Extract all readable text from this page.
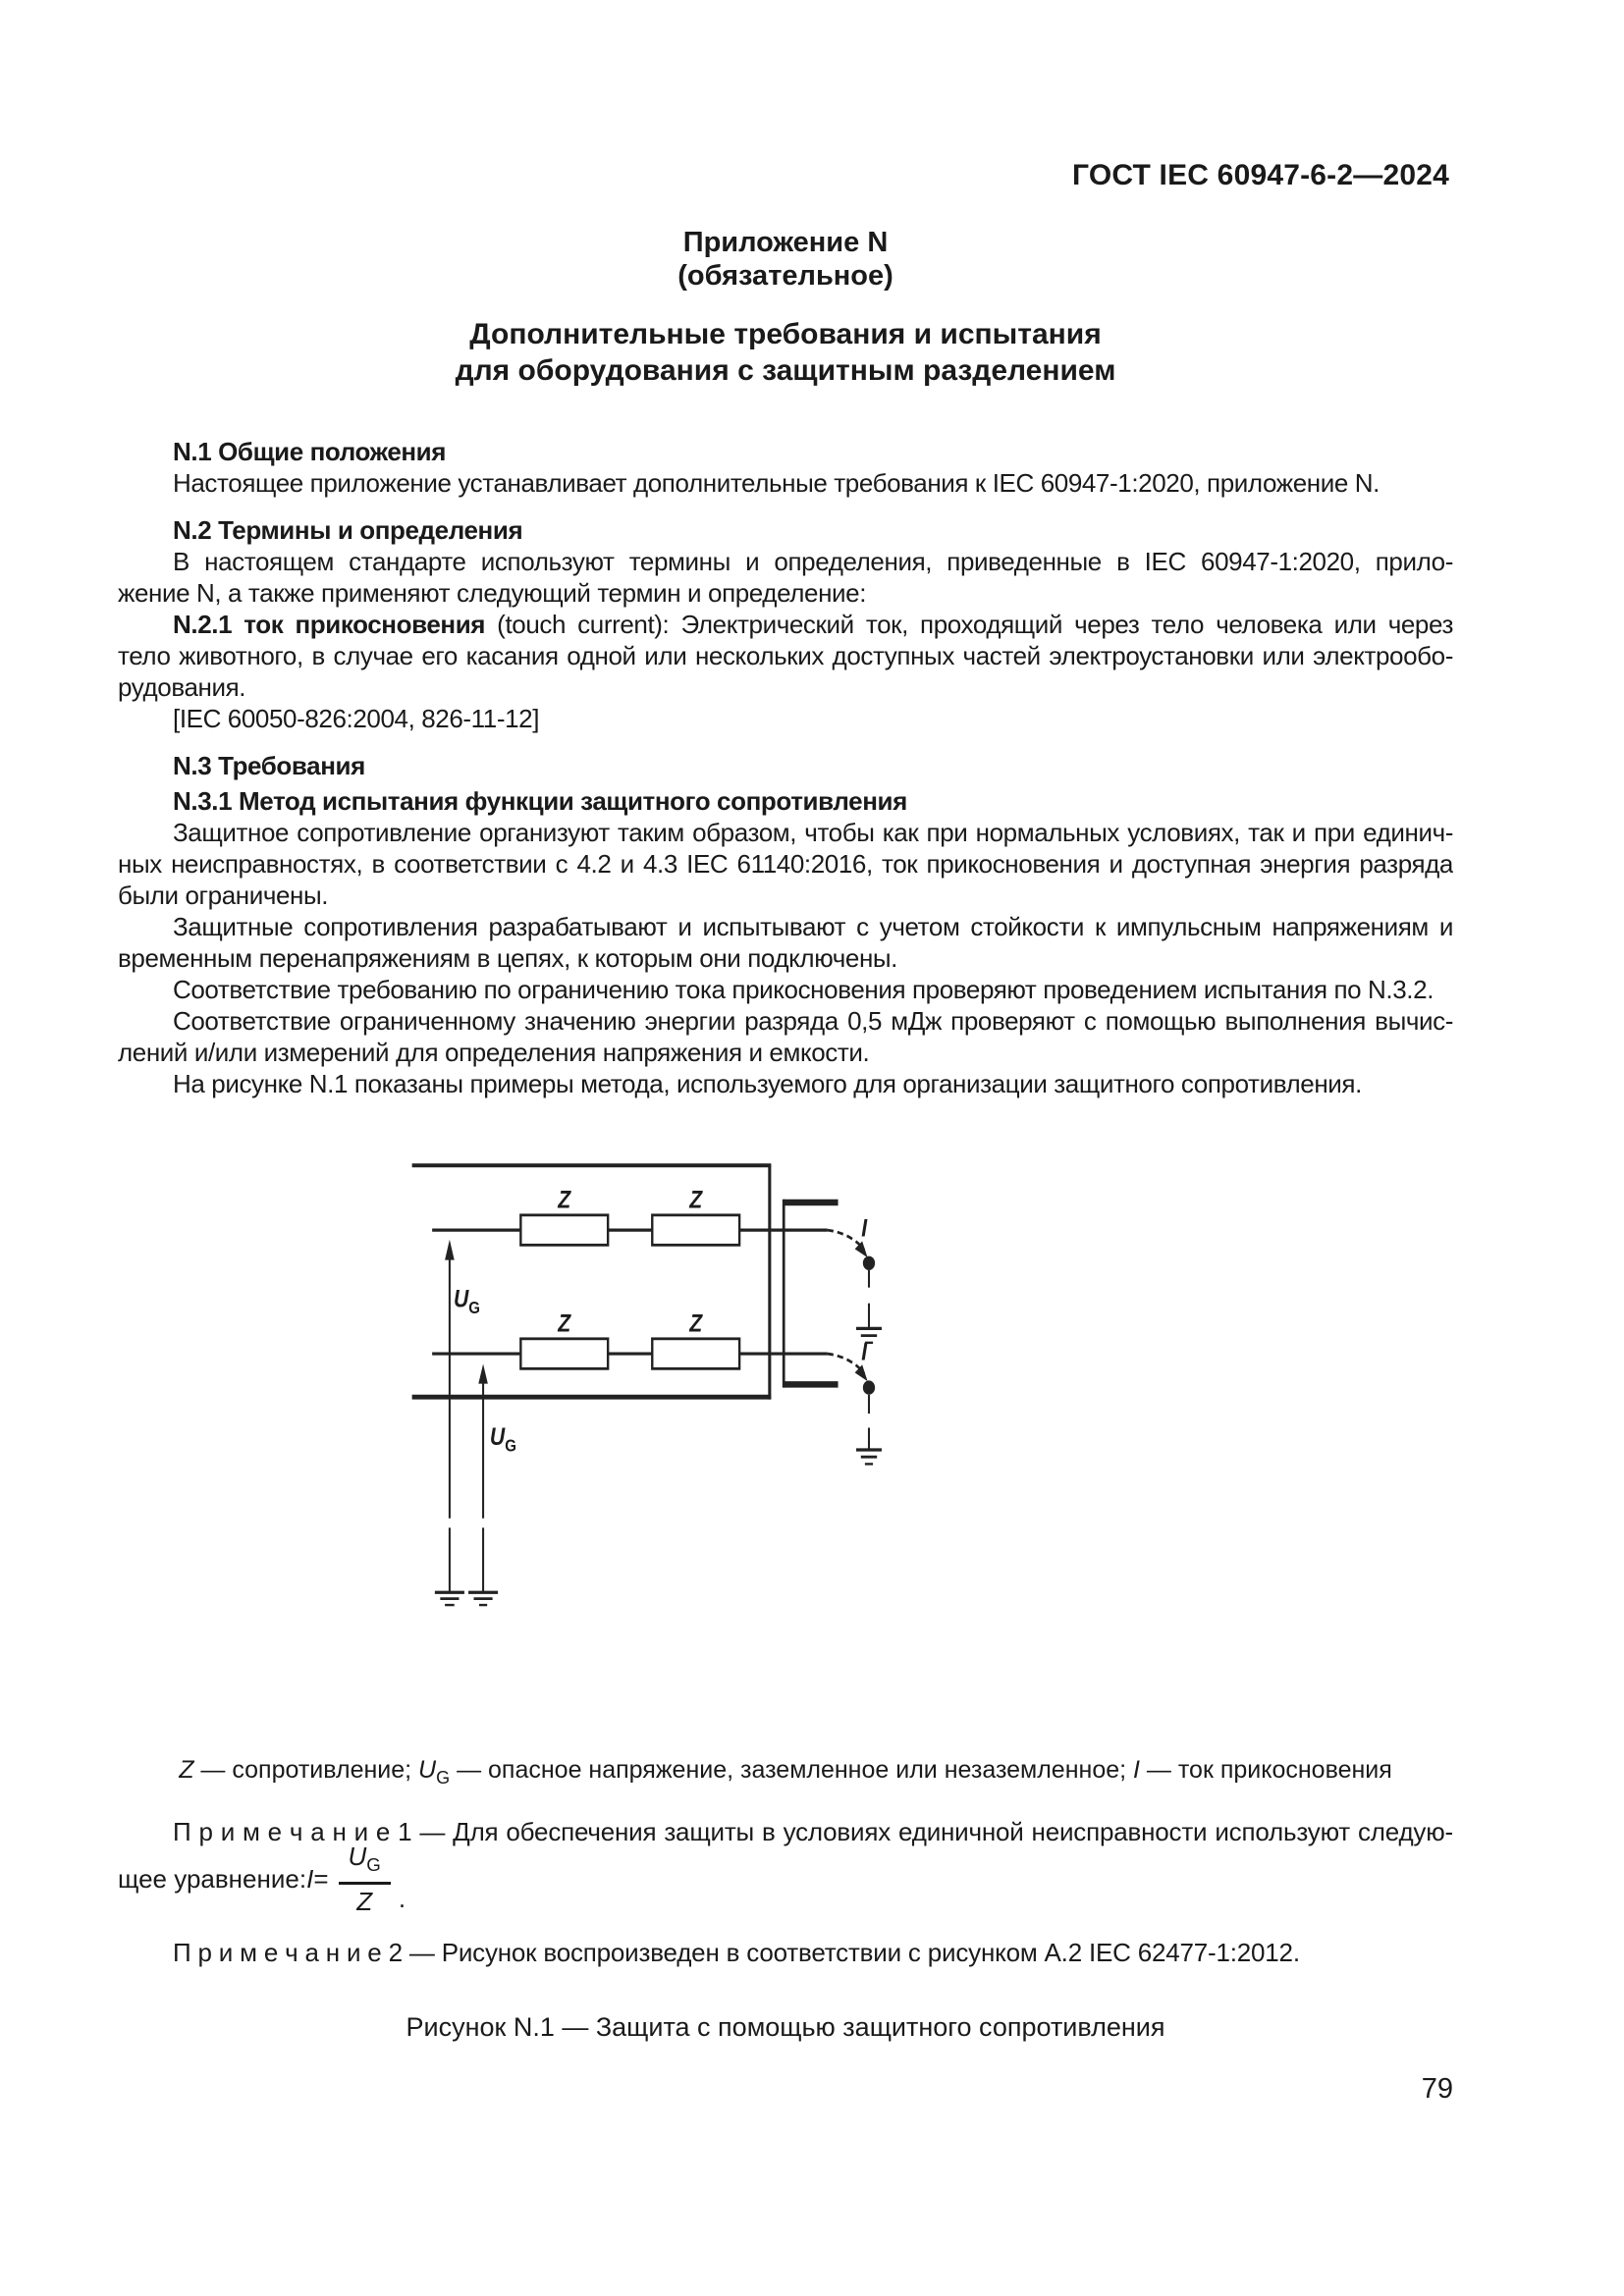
ГОСТ IEC 60947-6-2—2024
Приложение N
(обязательное)
Дополнительные требования и испытания
для оборудования с защитным разделением
N.1 Общие положения
Настоящее приложение устанавливает дополнительные требования к IEC 60947-1:2020, приложение N.
N.2 Термины и определения
В настоящем стандарте используют термины и определения, приведенные в IEC 60947-1:2020, прило-
жение N, а также применяют следующий термин и определение:
N.2.1 ток прикосновения (touch current): Электрический ток, проходящий через тело человека или через
тело животного, в случае его касания одной или нескольких доступных частей электроустановки или электрообо-
рудования.
[IEC 60050-826:2004, 826-11-12]
N.3 Требования
N.3.1 Метод испытания функции защитного сопротивления
Защитное сопротивление организуют таким образом, чтобы как при нормальных условиях, так и при единич-
ных неисправностях, в соответствии с 4.2 и 4.3 IEC 61140:2016, ток прикосновения и доступная энергия разряда
были ограничены.
Защитные сопротивления разрабатывают и испытывают с учетом стойкости к импульсным напряжениям и
временным перенапряжениям в цепях, к которым они подключены.
Соответствие требованию по ограничению тока прикосновения проверяют проведением испытания по N.3.2.
Соответствие ограниченному значению энергии разряда 0,5 мДж проверяют с помощью выполнения вычис-
лений и/или измерений для определения напряжения и емкости.
На рисунке N.1 показаны примеры метода, используемого для организации защитного сопротивления.
Z	Z
Z	Z
I
I
UG
UG
Z — сопротивление; $U_G$ — опасное напряжение, заземленное или незаземленное; I — ток прикосновения
П р и м е ч а н и е 1 — Для обеспечения защиты в условиях единичной неисправности используют следую-
щее уравнение: $I = \frac{U_G}{Z}$ .
П р и м е ч а н и е 2 — Рисунок воспроизведен в соответствии с рисунком А.2 IEC 62477-1:2012.
Рисунок N.1 — Защита с помощью защитного сопротивления
79
